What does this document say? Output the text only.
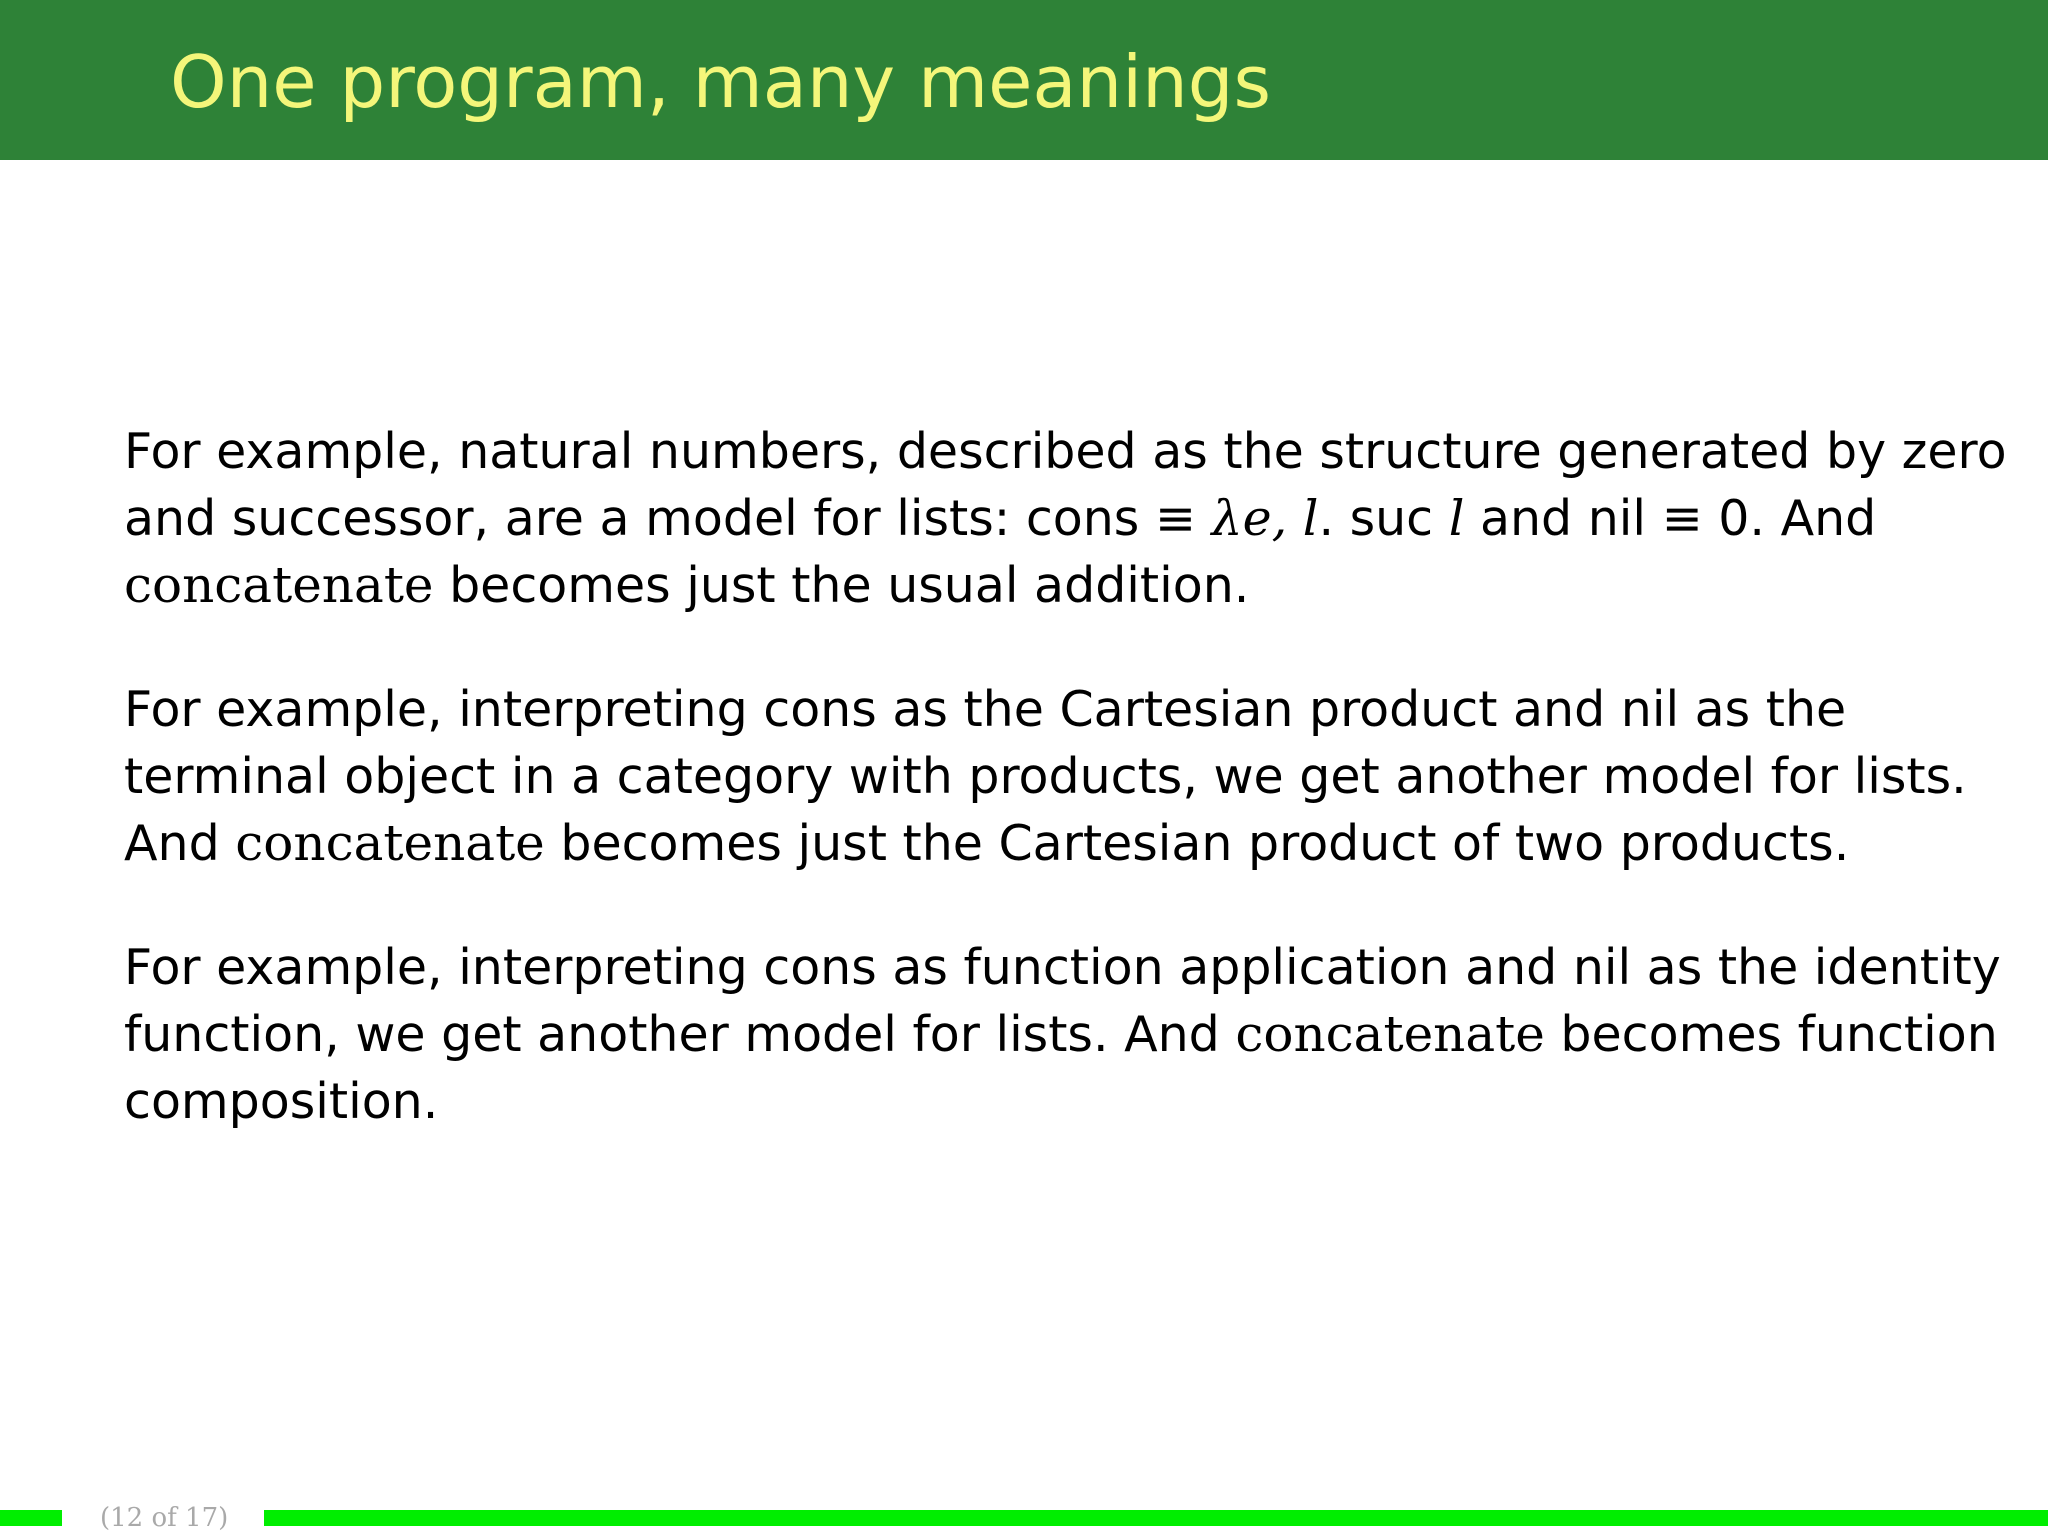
One program, many meanings

For example, natural numbers, described as the structure generated by zero
and successor, are a model for lists: cons ≡ λe, l. suc l and nil ≡ 0. And
concatenate becomes just the usual addition.

For example, interpreting cons as the Cartesian product and nil as the
terminal object in a category with products, we get another model for lists.
And concatenate becomes just the Cartesian product of two products.

For example, interpreting cons as function application and nil as the identity
function, we get another model for lists. And concatenate becomes function
composition.

(12 of 17)
